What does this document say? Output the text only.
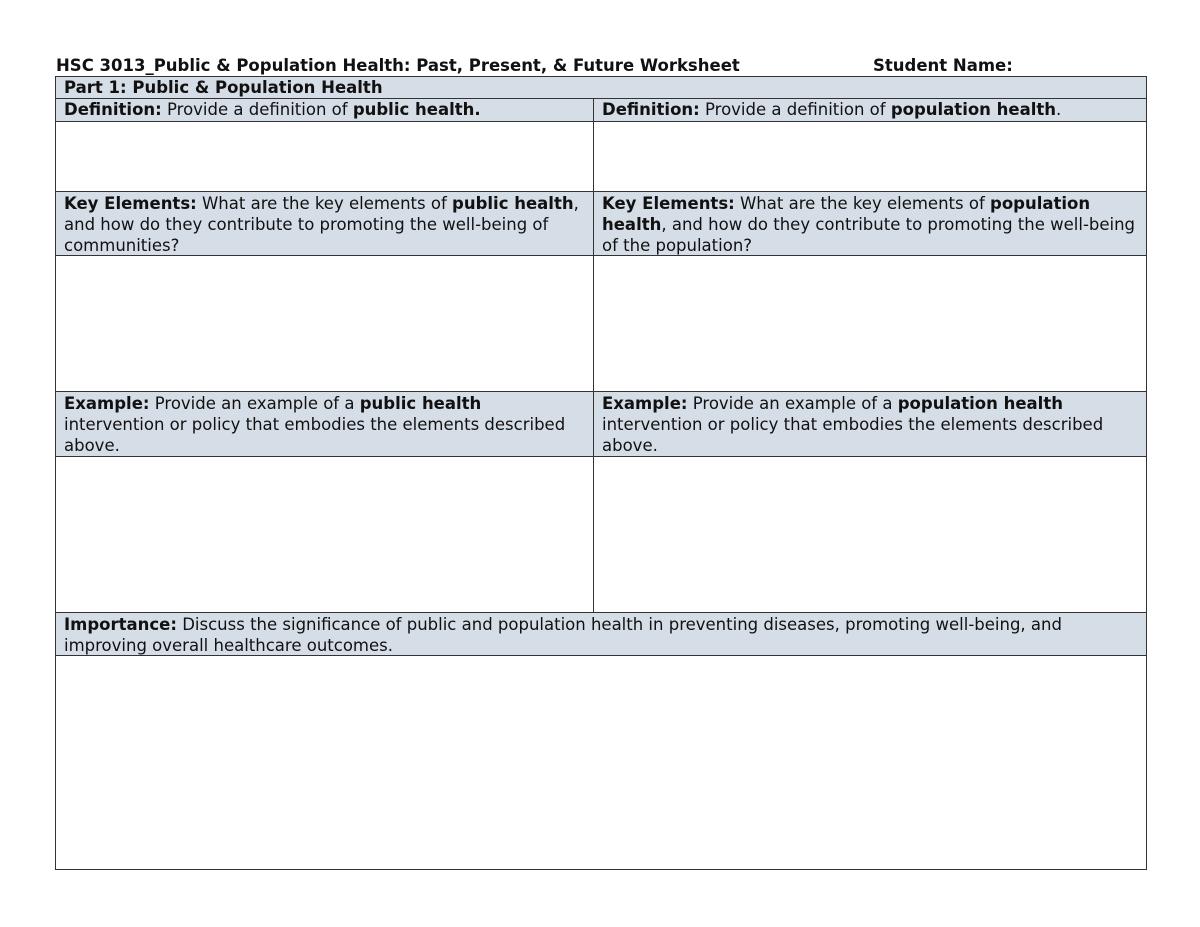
HSC 3013_Public & Population Health: Past, Present, & Future Worksheet	Student Name:
Part 1: Public & Population Health
Definition: Provide a definition of public health.	Definition: Provide a definition of population health.
Key Elements: What are the key elements of public health, and how do they contribute to promoting the well-being of communities?
Key Elements: What are the key elements of population health, and how do they contribute to promoting the well-being of the population?
Example: Provide an example of a public health intervention or policy that embodies the elements described above.
Example: Provide an example of a population health intervention or policy that embodies the elements described above.
Importance: Discuss the significance of public and population health in preventing diseases, promoting well-being, and improving overall healthcare outcomes.
